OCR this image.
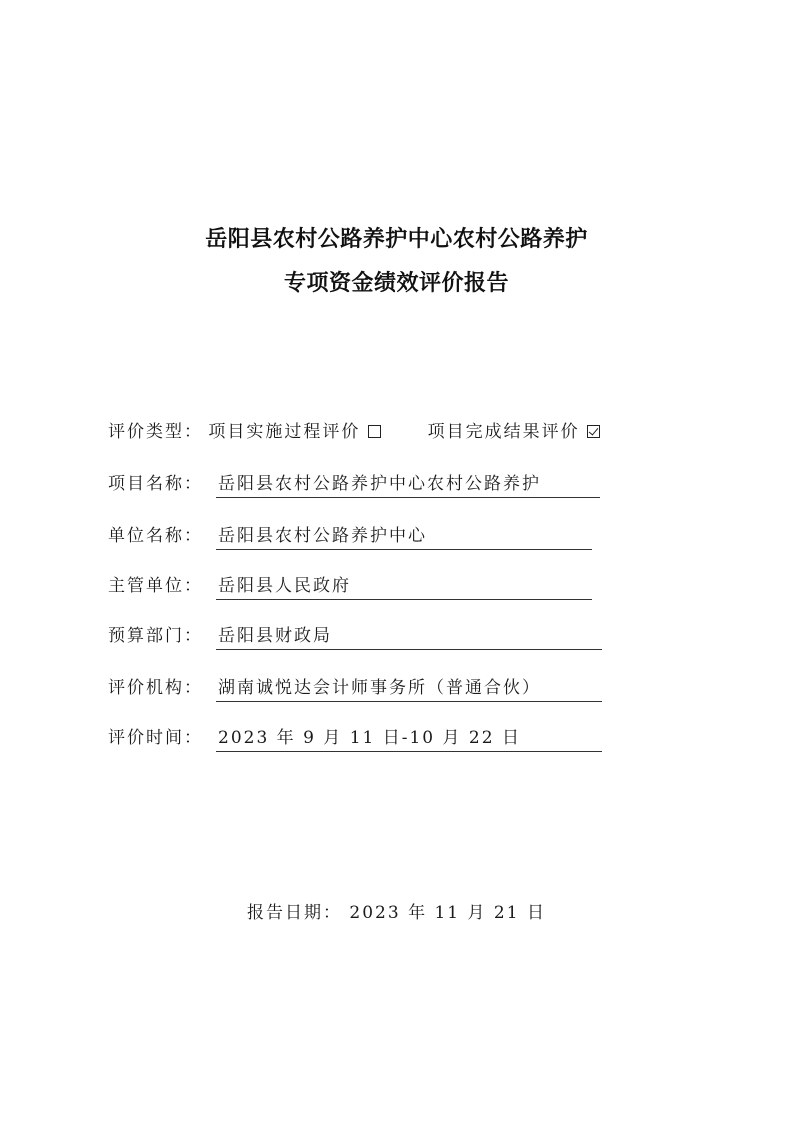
岳阳县农村公路养护中心农村公路养护
专项资金绩效评价报告
评价类型： 项目实施过程评价	项目完成结果评价
项目名称： 岳阳县农村公路养护中心农村公路养护
单位名称： 岳阳县农村公路养护中心
主管单位： 岳阳县人民政府
预算部门： 岳阳县财政局
评价机构： 湖南诚悦达会计师事务所（普通合伙）
评价时间： 2023 年 9 月 11 日-10 月 22 日
报告日期： 2023 年 11 月 21 日
